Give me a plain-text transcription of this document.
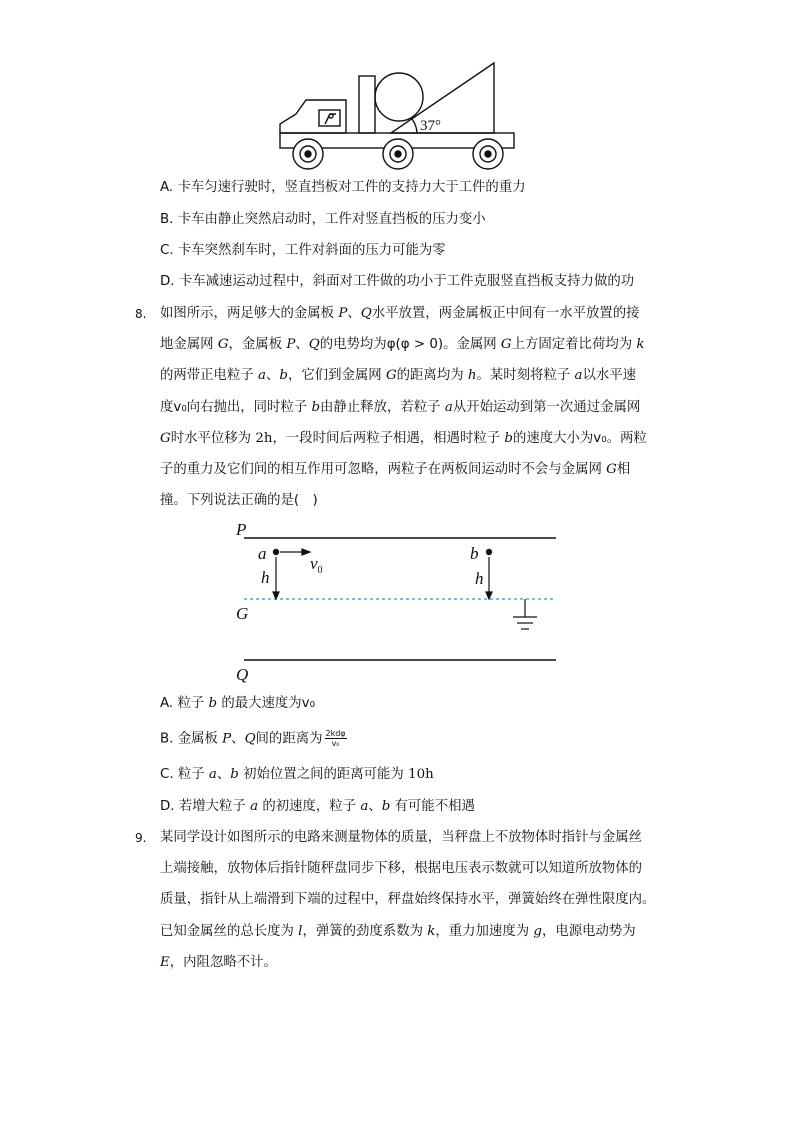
37°
A. 卡车匀速行驶时，竖直挡板对工件的支持力大于工件的重力
B. 卡车由静止突然启动时，工件对竖直挡板的压力变小
C. 卡车突然刹车时，工件对斜面的压力可能为零
D. 卡车减速运动过程中，斜面对工件做的功小于工件克服竖直挡板支持力做的功
8. 如图所示，两足够大的金属板 P、Q水平放置，两金属板正中间有一水平放置的接
地金属网 G，金属板 P、Q的电势均为φ(φ > 0)。金属网 G上方固定着比荷均为 k
的两带正电粒子 a、b，它们到金属网 G的距离均为 h。某时刻将粒子 a以水平速
度v₀向右抛出，同时粒子 b由静止释放，若粒子 a从开始运动到第一次通过金属网
G时水平位移为 2h，一段时间后两粒子相遇，相遇时粒子 b的速度大小为v₀。两粒
子的重力及它们间的相互作用可忽略，两粒子在两板间运动时不会与金属网 G相
撞。下列说法正确的是(　)
P
G
Q
a	b
h	h
$v_0$
A. 粒子 b 的最大速度为v₀
B. 金属板 P、Q间的距离为 $\frac{\text{2kdφ}}{\text{v₀}}$
C. 粒子 a、b 初始位置之间的距离可能为 10h
D. 若增大粒子 a 的初速度，粒子 a、b 有可能不相遇
9. 某同学设计如图所示的电路来测量物体的质量，当秤盘上不放物体时指针与金属丝
上端接触，放物体后指针随秤盘同步下移，根据电压表示数就可以知道所放物体的
质量，指针从上端滑到下端的过程中，秤盘始终保持水平，弹簧始终在弹性限度内。
已知金属丝的总长度为 l，弹簧的劲度系数为 k，重力加速度为 g，电源电动势为
E，内阻忽略不计。
